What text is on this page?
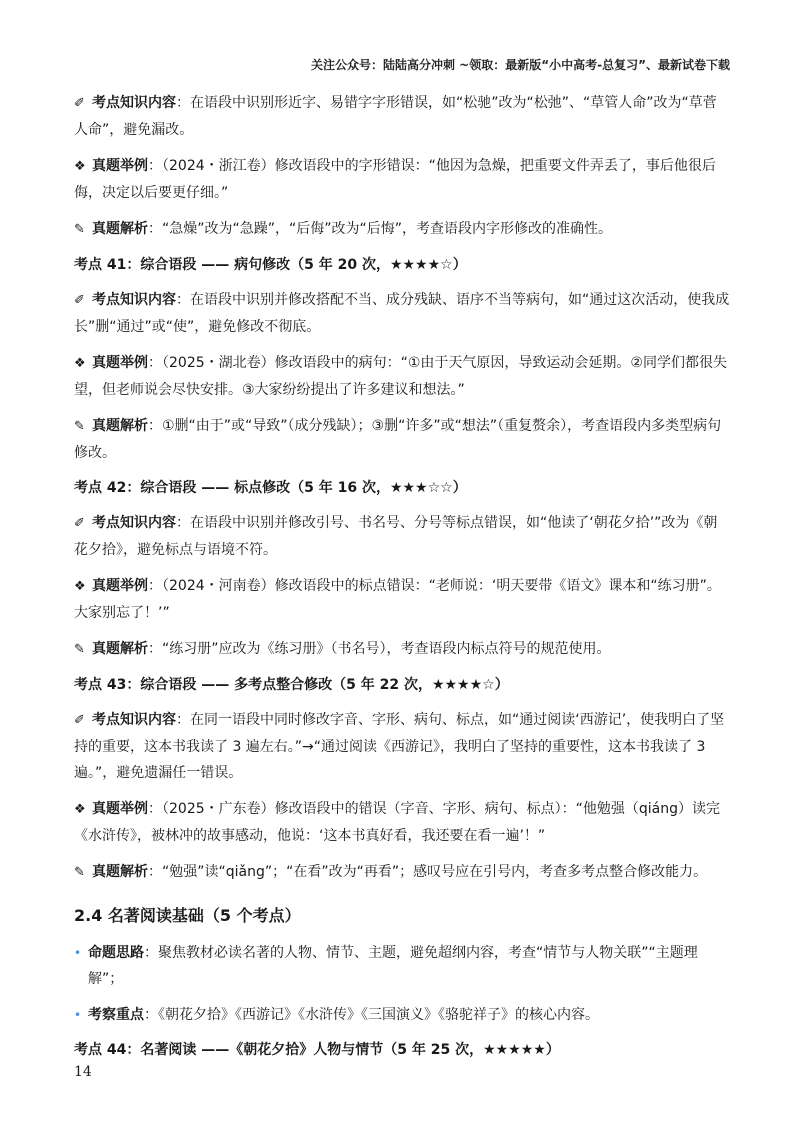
关注公众号：陆陆高分冲刺 ~领取：最新版“小中高考-总复习”、最新试卷下载
✐ 考点知识内容：在语段中识别形近字、易错字字形错误，如“松驰”改为“松弛”、“草管人命”改为“草菅人命”，避免漏改。
❖ 真题举例：（2024・浙江卷）修改语段中的字形错误：“他因为急燥，把重要文件弄丢了，事后他很后侮，决定以后要更仔细。”
✎ 真题解析：“急燥”改为“急躁”，“后侮”改为“后悔”，考查语段内字形修改的准确性。
考点 41：综合语段 —— 病句修改（5 年 20 次，★★★★☆）
✐ 考点知识内容：在语段中识别并修改搭配不当、成分残缺、语序不当等病句，如“通过这次活动，使我成长”删“通过”或“使”，避免修改不彻底。
❖ 真题举例：（2025・湖北卷）修改语段中的病句：“①由于天气原因，导致运动会延期。②同学们都很失望，但老师说会尽快安排。③大家纷纷提出了许多建议和想法。”
✎ 真题解析：①删“由于”或“导致”（成分残缺）；③删“许多”或“想法”（重复赘余），考查语段内多类型病句修改。
考点 42：综合语段 —— 标点修改（5 年 16 次，★★★☆☆）
✐ 考点知识内容：在语段中识别并修改引号、书名号、分号等标点错误，如“他读了‘朝花夕拾’”改为《朝花夕拾》，避免标点与语境不符。
❖ 真题举例：（2024・河南卷）修改语段中的标点错误：“老师说：‘明天要带《语文》课本和“练习册”。大家别忘了！’”
✎ 真题解析：“练习册”应改为《练习册》（书名号），考查语段内标点符号的规范使用。
考点 43：综合语段 —— 多考点整合修改（5 年 22 次，★★★★☆）
✐ 考点知识内容：在同一语段中同时修改字音、字形、病句、标点，如“通过阅读‘西游记’，使我明白了坚持的重要，这本书我读了 3 遍左右。”→“通过阅读《西游记》，我明白了坚持的重要性，这本书我读了 3 遍。”，避免遗漏任一错误。
❖ 真题举例：（2025・广东卷）修改语段中的错误（字音、字形、病句、标点）：“他勉强（qiáng）读完《水浒传》，被林冲的故事感动，他说：‘这本书真好看，我还要在看一遍’！”
✎ 真题解析：“勉强”读“qiǎng”；“在看”改为“再看”；感叹号应在引号内，考查多考点整合修改能力。
2.4 名著阅读基础（5 个考点）
• 命题思路：聚焦教材必读名著的人物、情节、主题，避免超纲内容，考查“情节与人物关联”“主题理解”；
• 考察重点：《朝花夕拾》《西游记》《水浒传》《三国演义》《骆驼祥子》的核心内容。
考点 44：名著阅读 ——《朝花夕拾》人物与情节（5 年 25 次，★★★★★）
14
